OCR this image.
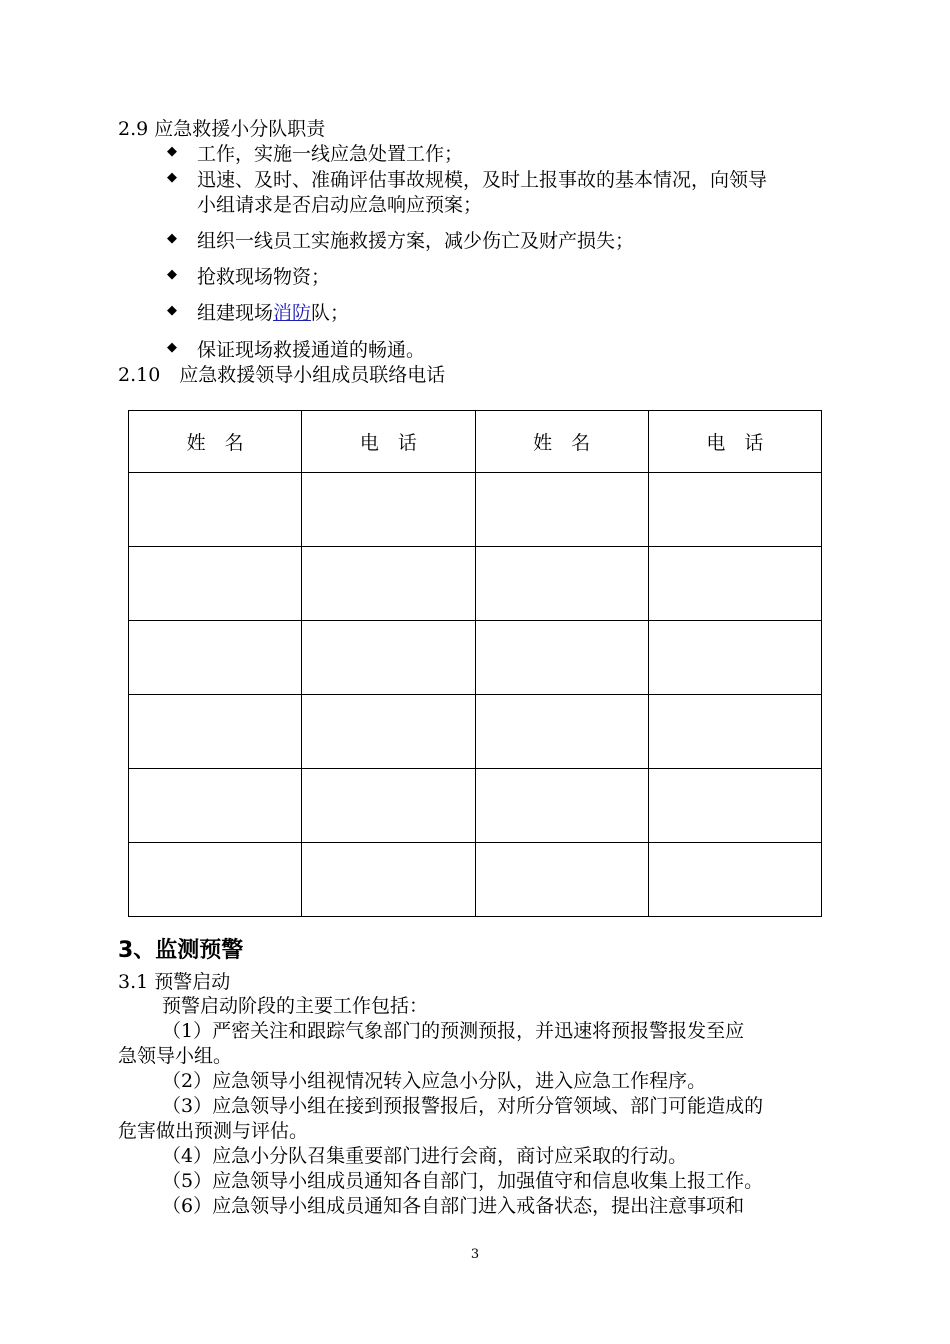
2.9 应急救援小分队职责
◆ 工作，实施一线应急处置工作；
◆ 迅速、及时、准确评估事故规模，及时上报事故的基本情况，向领导
小组请求是否启动应急响应预案；
◆ 组织一线员工实施救援方案，减少伤亡及财产损失；
◆ 抢救现场物资；
◆ 组建现场消防队；
◆ 保证现场救援通道的畅通。
2.10　应急救援领导小组成员联络电话
姓　名	电　话	姓　名	电　话

3、监测预警
3.1 预警启动
预警启动阶段的主要工作包括：
（1）严密关注和跟踪气象部门的预测预报，并迅速将预报警报发至应
急领导小组。
（2）应急领导小组视情况转入应急小分队，进入应急工作程序。
（3）应急领导小组在接到预报警报后，对所分管领域、部门可能造成的
危害做出预测与评估。
（4）应急小分队召集重要部门进行会商，商讨应采取的行动。
（5）应急领导小组成员通知各自部门，加强值守和信息收集上报工作。
（6）应急领导小组成员通知各自部门进入戒备状态，提出注意事项和
3
